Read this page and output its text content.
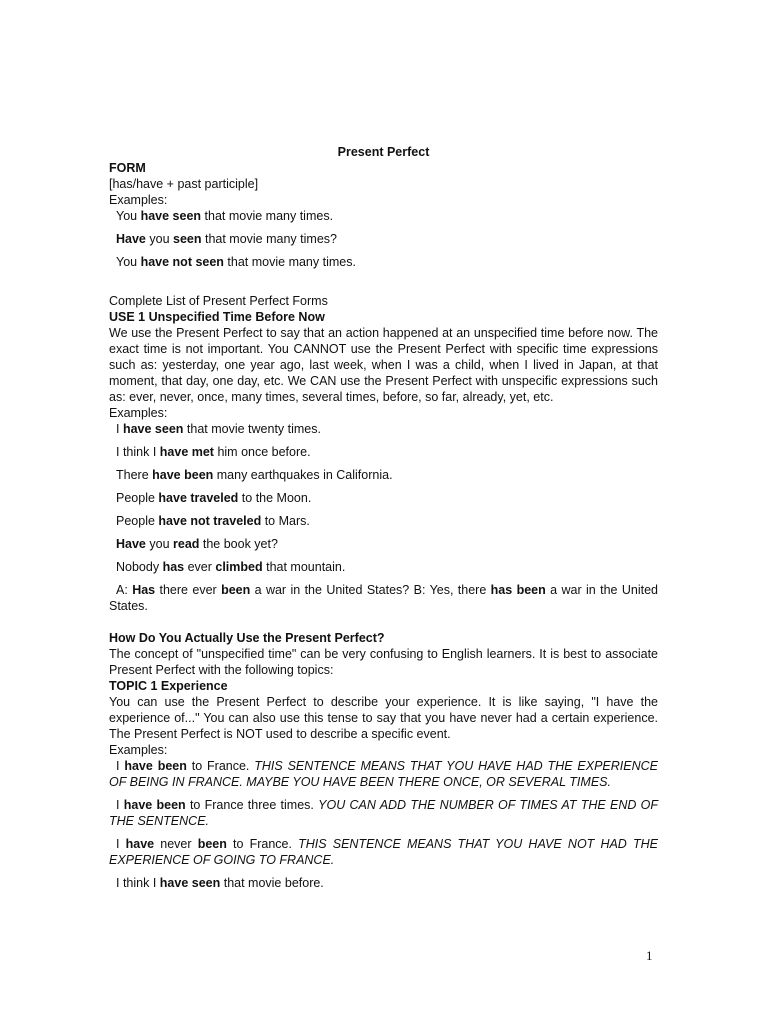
Present Perfect

FORM

[has/have + past participle]

Examples:

You have seen that movie many times.

Have you seen that movie many times?

You have not seen that movie many times.

Complete List of Present Perfect Forms

USE 1 Unspecified Time Before Now

We use the Present Perfect to say that an action happened at an unspecified time before now. The exact time is not important. You CANNOT use the Present Perfect with specific time expressions such as: yesterday, one year ago, last week, when I was a child, when I lived in Japan, at that moment, that day, one day, etc. We CAN use the Present Perfect with unspecific expressions such as: ever, never, once, many times, several times, before, so far, already, yet, etc.

Examples:

I have seen that movie twenty times.

I think I have met him once before.

There have been many earthquakes in California.

People have traveled to the Moon.

People have not traveled to Mars.

Have you read the book yet?

Nobody has ever climbed that mountain.

A: Has there ever been a war in the United States? B: Yes, there has been a war in the United States.

How Do You Actually Use the Present Perfect?

The concept of "unspecified time" can be very confusing to English learners. It is best to associate Present Perfect with the following topics:

TOPIC 1 Experience

You can use the Present Perfect to describe your experience. It is like saying, "I have the experience of..." You can also use this tense to say that you have never had a certain experience. The Present Perfect is NOT used to describe a specific event.

Examples:

I have been to France. THIS SENTENCE MEANS THAT YOU HAVE HAD THE EXPERIENCE OF BEING IN FRANCE. MAYBE YOU HAVE BEEN THERE ONCE, OR SEVERAL TIMES.

I have been to France three times. YOU CAN ADD THE NUMBER OF TIMES AT THE END OF THE SENTENCE.

I have never been to France. THIS SENTENCE MEANS THAT YOU HAVE NOT HAD THE EXPERIENCE OF GOING TO FRANCE.

I think I have seen that movie before.

1
